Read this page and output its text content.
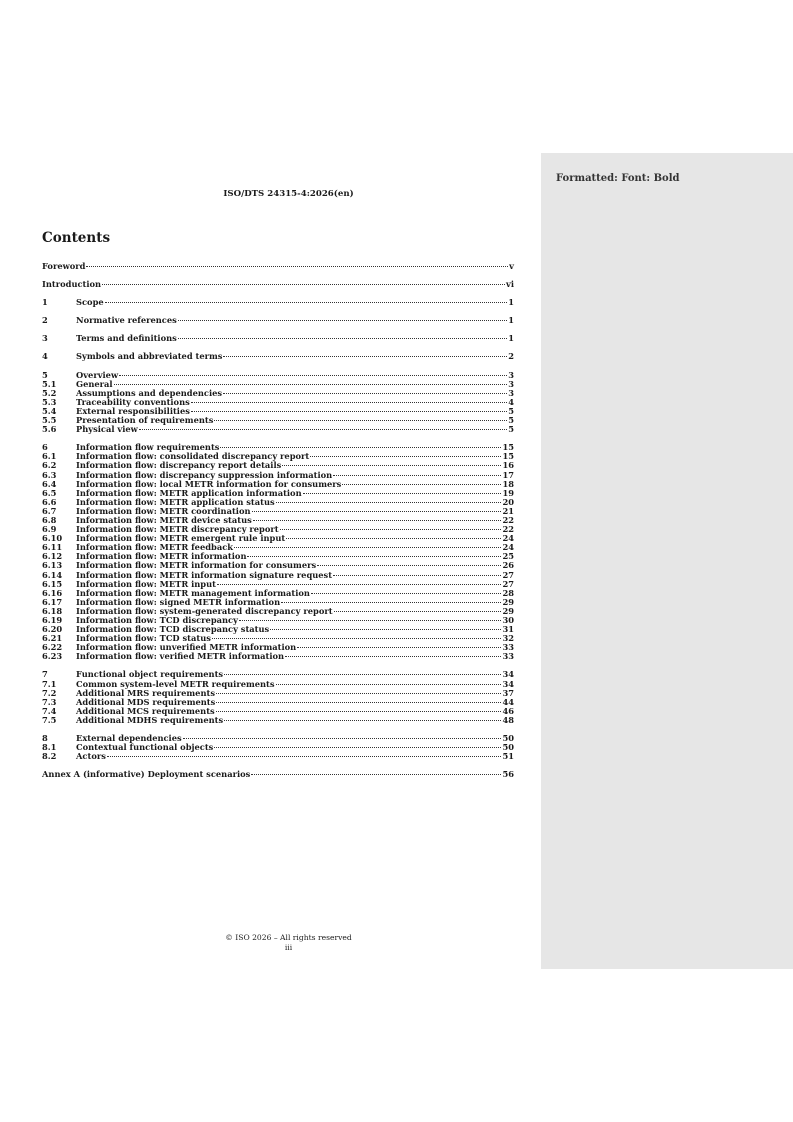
Formatted: Font: Bold
ISO/DTS 24315-4:2026(en)
Contents
Foreword	v
Introduction	vi
1	Scope	1
2	Normative references	1
3	Terms and definitions	1
4	Symbols and abbreviated terms	2
5	Overview	3
5.1	General	3
5.2	Assumptions and dependencies	3
5.3	Traceability conventions	4
5.4	External responsibilities	5
5.5	Presentation of requirements	5
5.6	Physical view	5
6	Information flow requirements	15
6.1	Information flow: consolidated discrepancy report	15
6.2	Information flow: discrepancy report details	16
6.3	Information flow: discrepancy suppression information	17
6.4	Information flow: local METR information for consumers	18
6.5	Information flow: METR application information	19
6.6	Information flow: METR application status	20
6.7	Information flow: METR coordination	21
6.8	Information flow: METR device status	22
6.9	Information flow: METR discrepancy report	22
6.10	Information flow: METR emergent rule input	24
6.11	Information flow: METR feedback	24
6.12	Information flow: METR information	25
6.13	Information flow: METR information for consumers	26
6.14	Information flow: METR information signature request	27
6.15	Information flow: METR input	27
6.16	Information flow: METR management information	28
6.17	Information flow: signed METR information	29
6.18	Information flow: system-generated discrepancy report	29
6.19	Information flow: TCD discrepancy	30
6.20	Information flow: TCD discrepancy status	31
6.21	Information flow: TCD status	32
6.22	Information flow: unverified METR information	33
6.23	Information flow: verified METR information	33
7	Functional object requirements	34
7.1	Common system-level METR requirements	34
7.2	Additional MRS requirements	37
7.3	Additional MDS requirements	44
7.4	Additional MCS requirements	46
7.5	Additional MDHS requirements	48
8	External dependencies	50
8.1	Contextual functional objects	50
8.2	Actors	51
Annex A (informative) Deployment scenarios	56
© ISO 2026 – All rights reserved
iii
